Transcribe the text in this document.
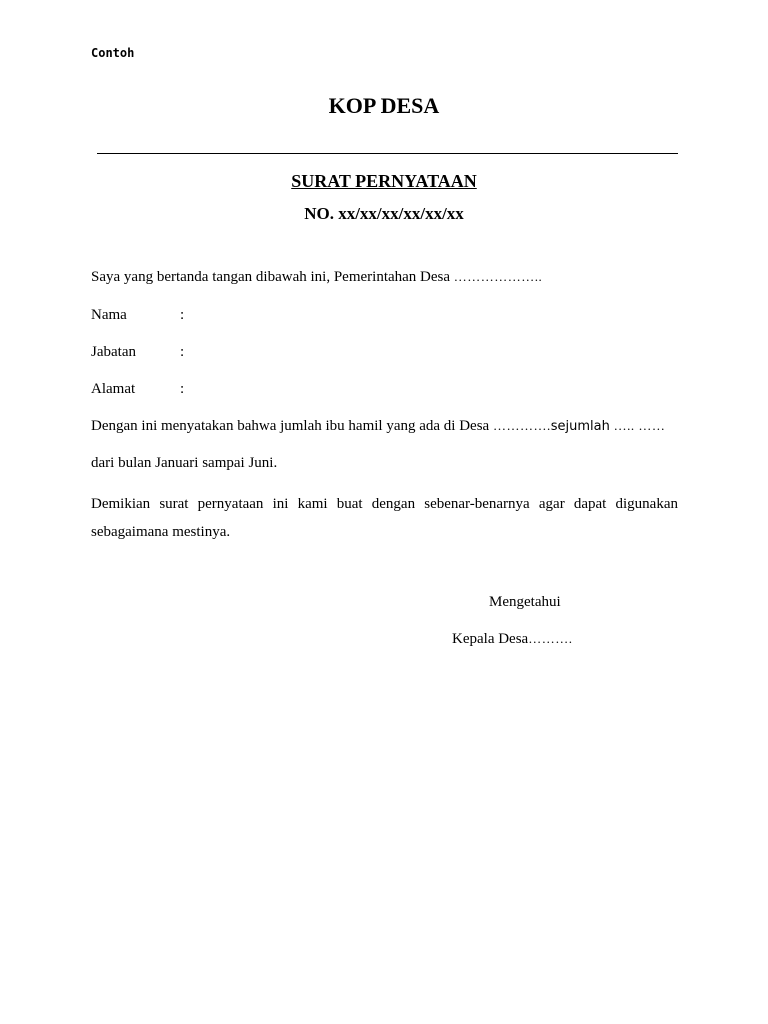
Contoh
KOP DESA
SURAT PERNYATAAN
NO. xx/xx/xx/xx/xx/xx
Saya yang bertanda tangan dibawah ini, Pemerintahan Desa ………………..
Nama	:
Jabatan	:
Alamat	:
Dengan ini menyatakan bahwa jumlah ibu hamil yang ada di Desa ………….sejumlah ….. ……
dari bulan Januari sampai Juni.
Demikian surat pernyataan ini kami buat dengan sebenar-benarnya agar dapat digunakan sebagaimana mestinya.
Mengetahui
Kepala Desa……….
